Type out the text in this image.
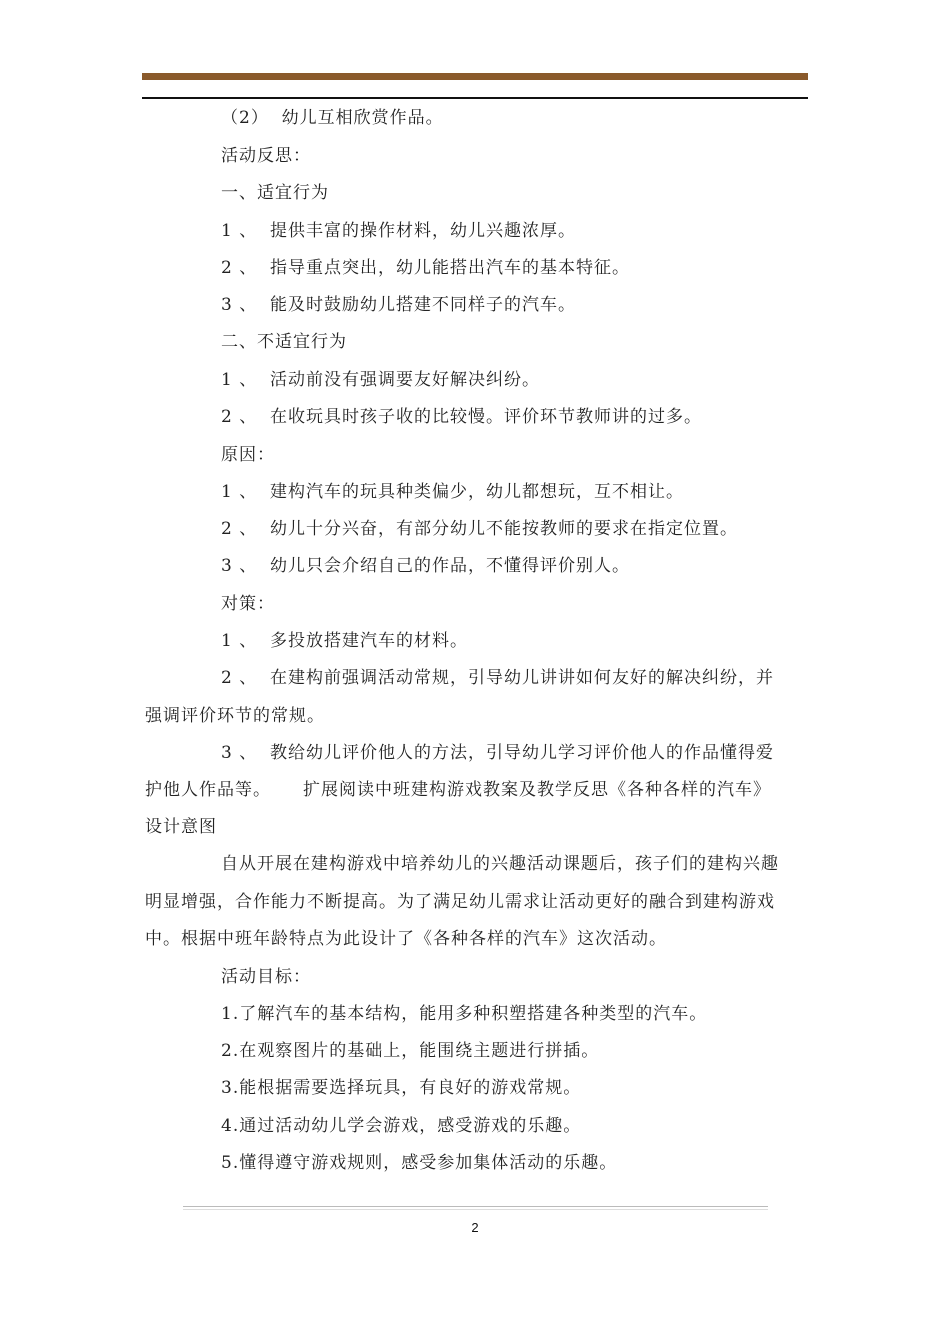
（2）  幼儿互相欣赏作品。
活动反思：
一、适宜行为
1 、  提供丰富的操作材料，幼儿兴趣浓厚。
2 、  指导重点突出，幼儿能搭出汽车的基本特征。
3 、  能及时鼓励幼儿搭建不同样子的汽车。
二、不适宜行为
1 、  活动前没有强调要友好解决纠纷。
2 、  在收玩具时孩子收的比较慢。评价环节教师讲的过多。
原因：
1 、  建构汽车的玩具种类偏少，幼儿都想玩，互不相让。
2 、  幼儿十分兴奋，有部分幼儿不能按教师的要求在指定位置。
3 、  幼儿只会介绍自己的作品，不懂得评价别人。
对策：
1 、  多投放搭建汽车的材料。
2 、  在建构前强调活动常规，引导幼儿讲讲如何友好的解决纠纷，并
强调评价环节的常规。
3 、  教给幼儿评价他人的方法，引导幼儿学习评价他人的作品懂得爱
护他人作品等。     扩展阅读中班建构游戏教案及教学反思《各种各样的汽车》
设计意图
自从开展在建构游戏中培养幼儿的兴趣活动课题后，孩子们的建构兴趣
明显增强，合作能力不断提高。为了满足幼儿需求让活动更好的融合到建构游戏
中。根据中班年龄特点为此设计了《各种各样的汽车》这次活动。
活动目标：
1.了解汽车的基本结构，能用多种积塑搭建各种类型的汽车。
2.在观察图片的基础上，能围绕主题进行拼插。
3.能根据需要选择玩具，有良好的游戏常规。
4.通过活动幼儿学会游戏，感受游戏的乐趣。
5.懂得遵守游戏规则，感受参加集体活动的乐趣。
2
